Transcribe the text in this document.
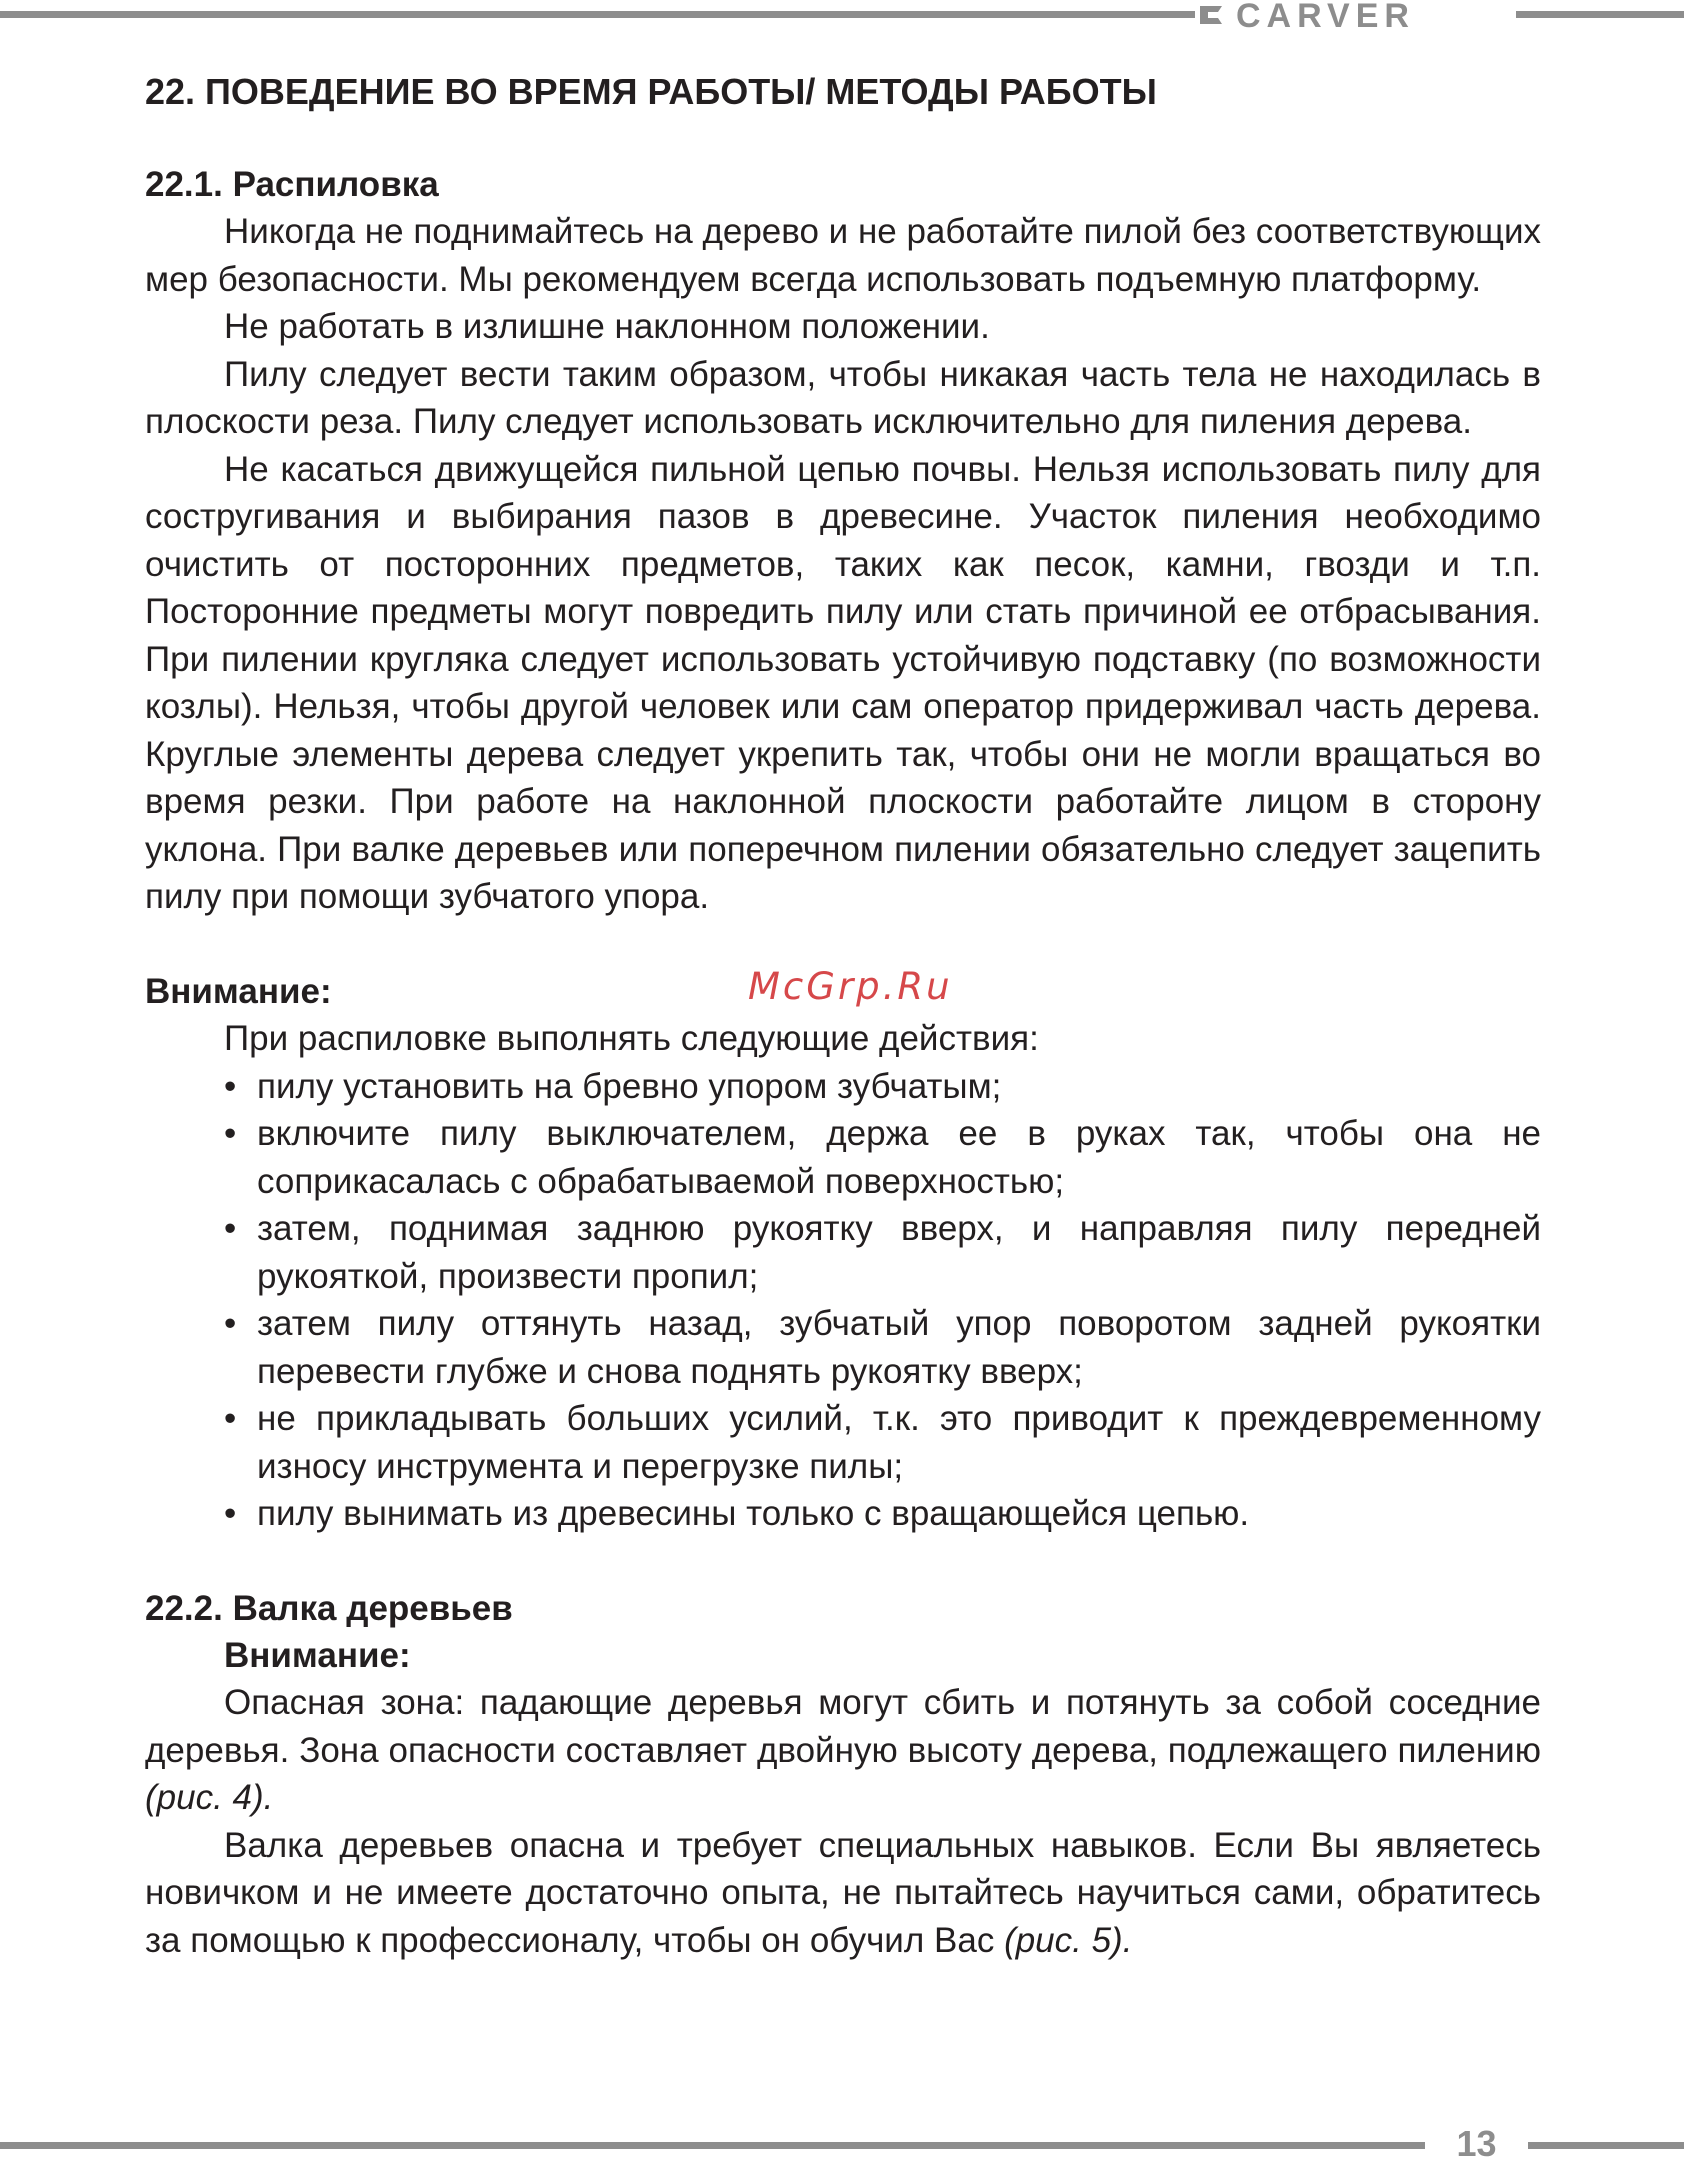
CARVER
22. ПОВЕДЕНИЕ ВО ВРЕМЯ РАБОТЫ/ МЕТОДЫ РАБОТЫ
22.1. Распиловка

Никогда не поднимайтесь на дерево и не работайте пилой без соответствующих мер безопасности. Мы рекомендуем всегда использовать подъемную платформу.

Не работать в излишне наклонном положении.

Пилу следует вести таким образом, чтобы никакая часть тела не находилась в плоскости реза. Пилу следует использовать исключительно для пиления дерева.

Не касаться движущейся пильной цепью почвы. Нельзя использовать пилу для состругивания и выбирания пазов в древесине. Участок пиления необходимо очистить от посторонних предметов, таких как песок, камни, гвозди и т.п. Посторонние предметы могут повредить пилу или стать причиной ее отбрасывания. При пилении кругляка следует использовать устойчивую подставку (по возможности козлы). Нельзя, чтобы другой человек или сам оператор придерживал часть дерева. Круглые элементы дерева следует укрепить так, чтобы они не могли вращаться во время резки. При работе на наклонной плоскости работайте лицом в сторону уклона. При валке деревьев или поперечном пилении обязательно следует зацепить пилу при помощи зубчатого упора.

Внимание:	McGrp.Ru

При распиловке выполнять следующие действия:

• пилу установить на бревно упором зубчатым;
• включите пилу выключателем, держа ее в руках так, чтобы она не соприкасалась с обрабатываемой поверхностью;
• затем, поднимая заднюю рукоятку вверх, и направляя пилу передней рукояткой, произвести пропил;
• затем пилу оттянуть назад, зубчатый упор поворотом задней рукоятки перевести глубже и снова поднять рукоятку вверх;
• не прикладывать больших усилий, т.к. это приводит к преждевременному износу инструмента и перегрузке пилы;
• пилу вынимать из древесины только с вращающейся цепью.
22.2. Валка деревьев
Внимание:

Опасная зона: падающие деревья могут сбить и потянуть за собой соседние деревья. Зона опасности составляет двойную высоту дерева, подлежащего пилению (рис. 4).

Валка деревьев опасна и требует специальных навыков. Если Вы являетесь новичком и не имеете достаточно опыта, не пытайтесь научиться сами, обратитесь за помощью к профессионалу, чтобы он обучил Вас (рис. 5).

13
